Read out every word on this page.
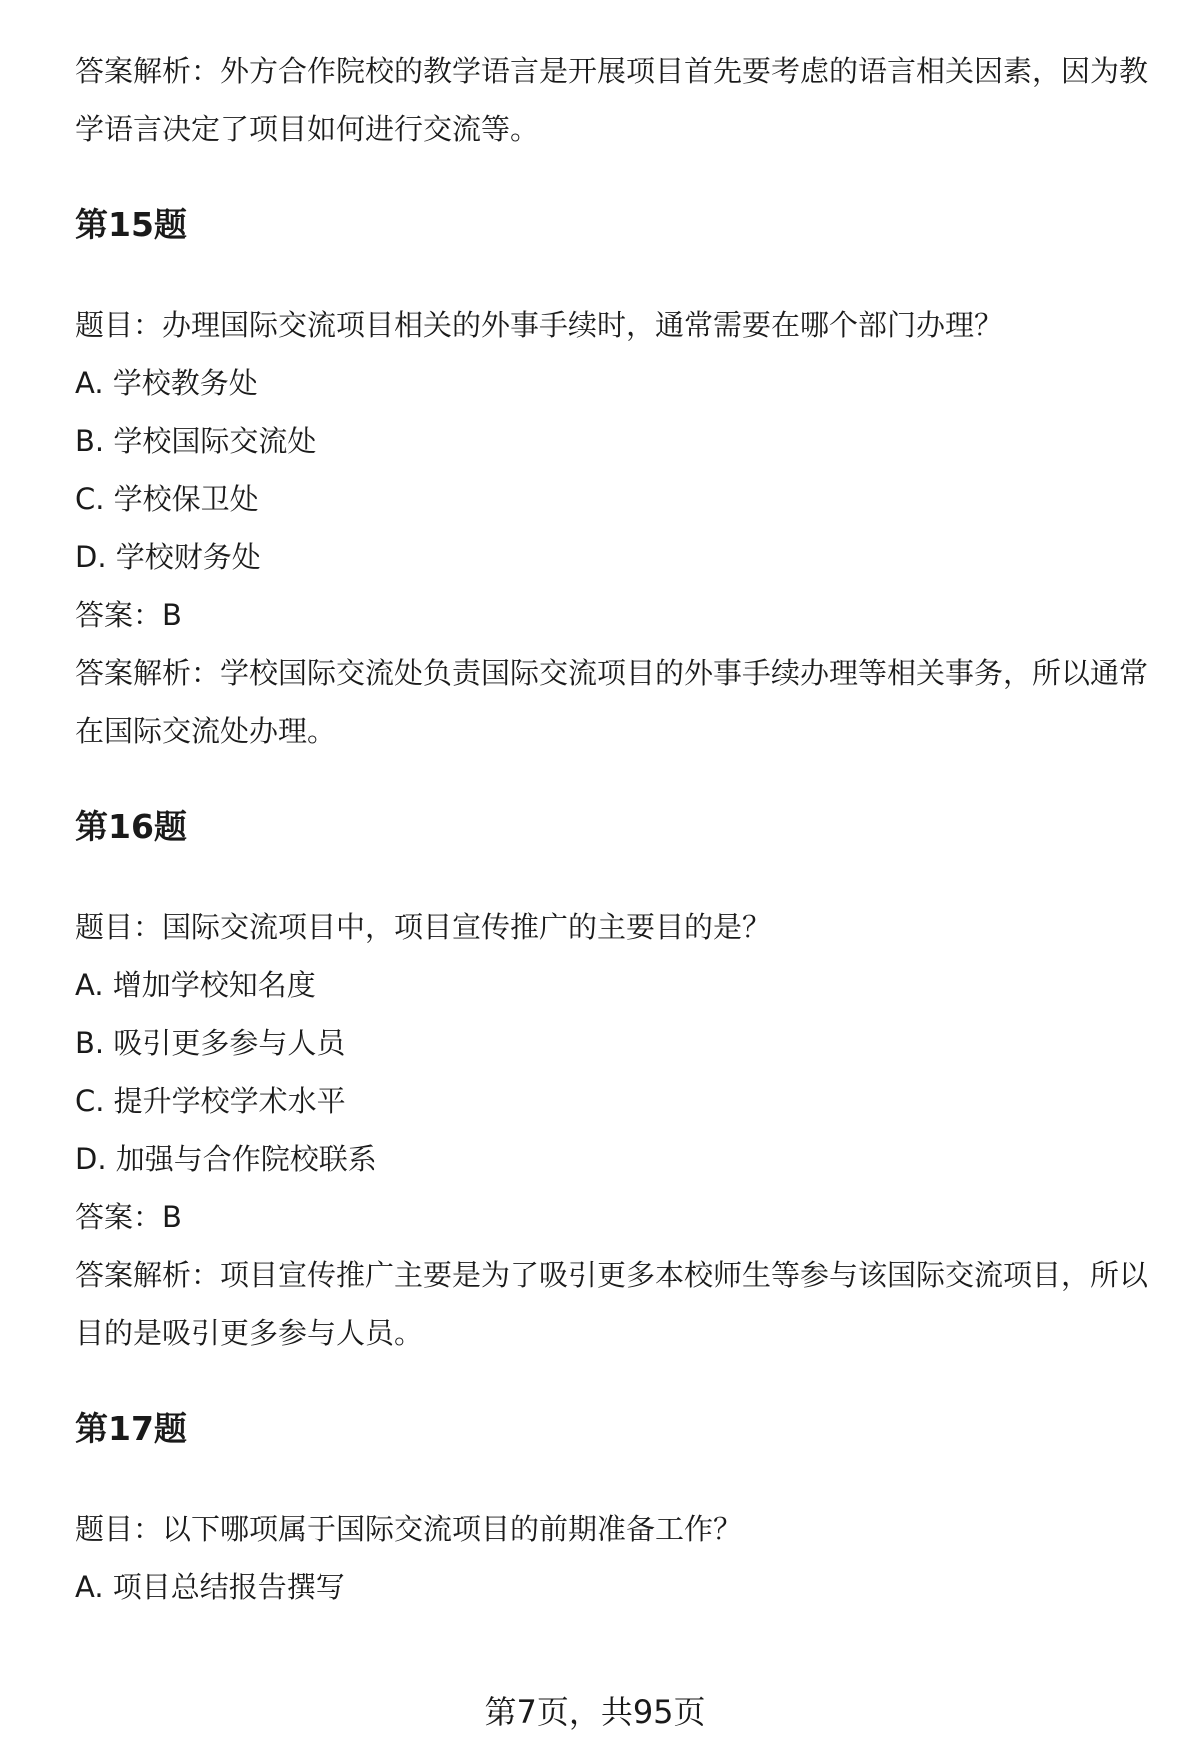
答案解析：外方合作院校的教学语言是开展项目首先要考虑的语言相关因素，因为教学语言决定了项目如何进行交流等。

第15题

题目：办理国际交流项目相关的外事手续时，通常需要在哪个部门办理？

A. 学校教务处

B. 学校国际交流处

C. 学校保卫处

D. 学校财务处

答案：B

答案解析：学校国际交流处负责国际交流项目的外事手续办理等相关事务，所以通常在国际交流处办理。

第16题

题目：国际交流项目中，项目宣传推广的主要目的是？

A. 增加学校知名度

B. 吸引更多参与人员

C. 提升学校学术水平

D. 加强与合作院校联系

答案：B

答案解析：项目宣传推广主要是为了吸引更多本校师生等参与该国际交流项目，所以目的是吸引更多参与人员。

第17题

题目：以下哪项属于国际交流项目的前期准备工作？

A. 项目总结报告撰写

第7页，共95页
